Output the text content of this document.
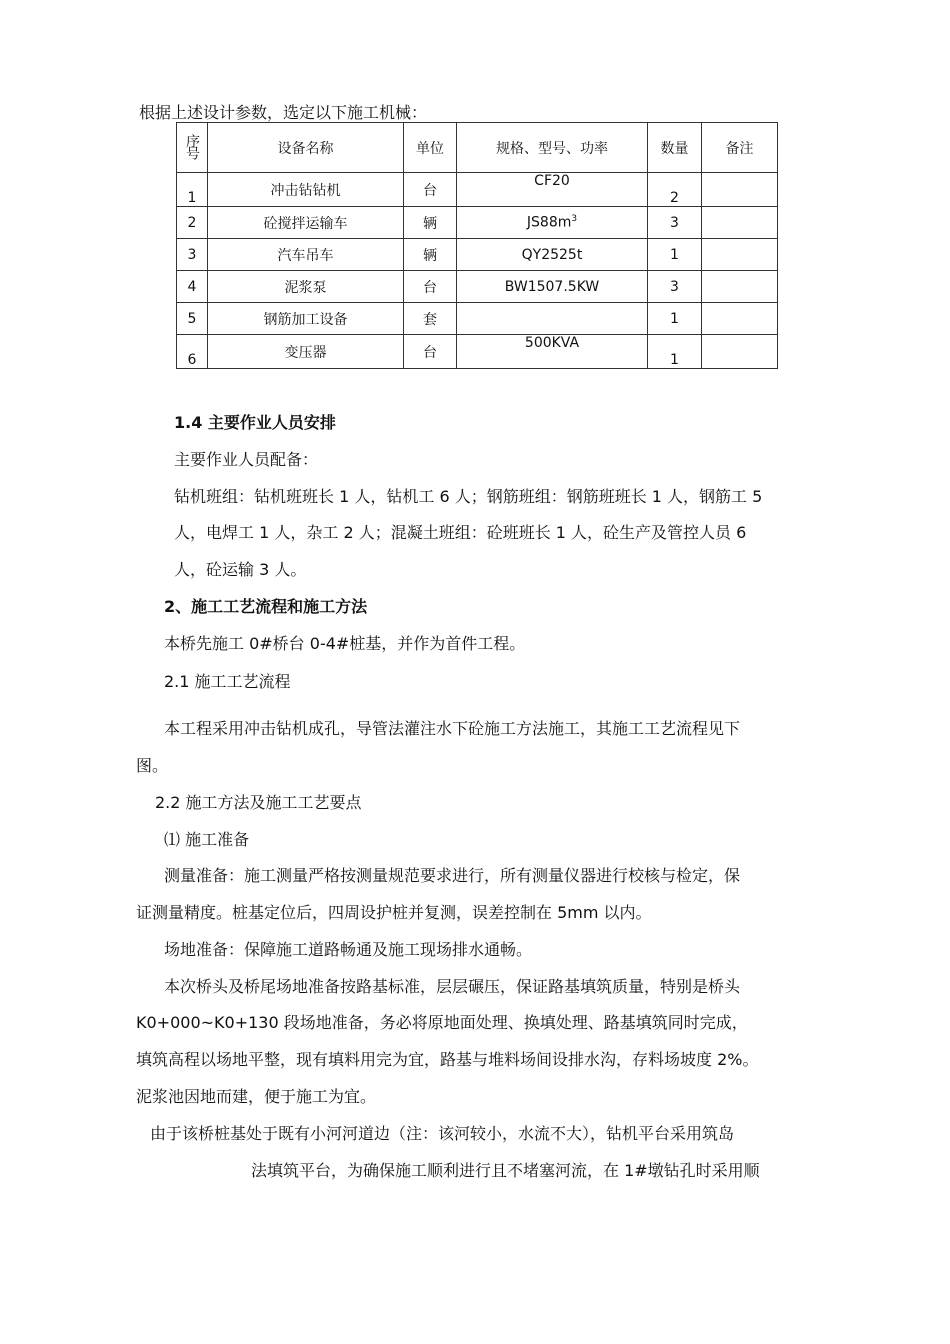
根据上述设计参数，选定以下施工机械：
序号	设备名称	单位	规格、型号、功率	数量	备注
1	冲击钻钻机	台	CF20	2	
2	砼搅拌运输车	辆	$JS88m^3$	3	
3	汽车吊车	辆	QY2525t	1	
4	泥浆泵	台	BW1507.5KW	3	
5	钢筋加工设备	套		1	
6	变压器	台	500KVA	1	
1.4 主要作业人员安排
主要作业人员配备：
钻机班组：钻机班班长 1 人，钻机工 6 人；钢筋班组：钢筋班班长 1 人，钢筋工 5
人，电焊工 1 人，杂工 2 人；混凝土班组：砼班班长 1 人，砼生产及管控人员 6
人，砼运输 3 人。
2、施工工艺流程和施工方法
本桥先施工 0#桥台 0-4#桩基，并作为首件工程。
2.1 施工工艺流程
本工程采用冲击钻机成孔，导管法灌注水下砼施工方法施工，其施工工艺流程见下
图。
2.2 施工方法及施工工艺要点
⑴ 施工准备
测量准备：施工测量严格按测量规范要求进行，所有测量仪器进行校核与检定，保
证测量精度。桩基定位后，四周设护桩并复测，误差控制在 5mm 以内。
场地准备：保障施工道路畅通及施工现场排水通畅。
本次桥头及桥尾场地准备按路基标准，层层碾压，保证路基填筑质量，特别是桥头
K0+000~K0+130 段场地准备，务必将原地面处理、换填处理、路基填筑同时完成，
填筑高程以场地平整，现有填料用完为宜，路基与堆料场间设排水沟，存料场坡度 2%。
泥浆池因地而建，便于施工为宜。
由于该桥桩基处于既有小河河道边（注：该河较小，水流不大），钻机平台采用筑岛
法填筑平台，为确保施工顺利进行且不堵塞河流，在 1#墩钻孔时采用顺
